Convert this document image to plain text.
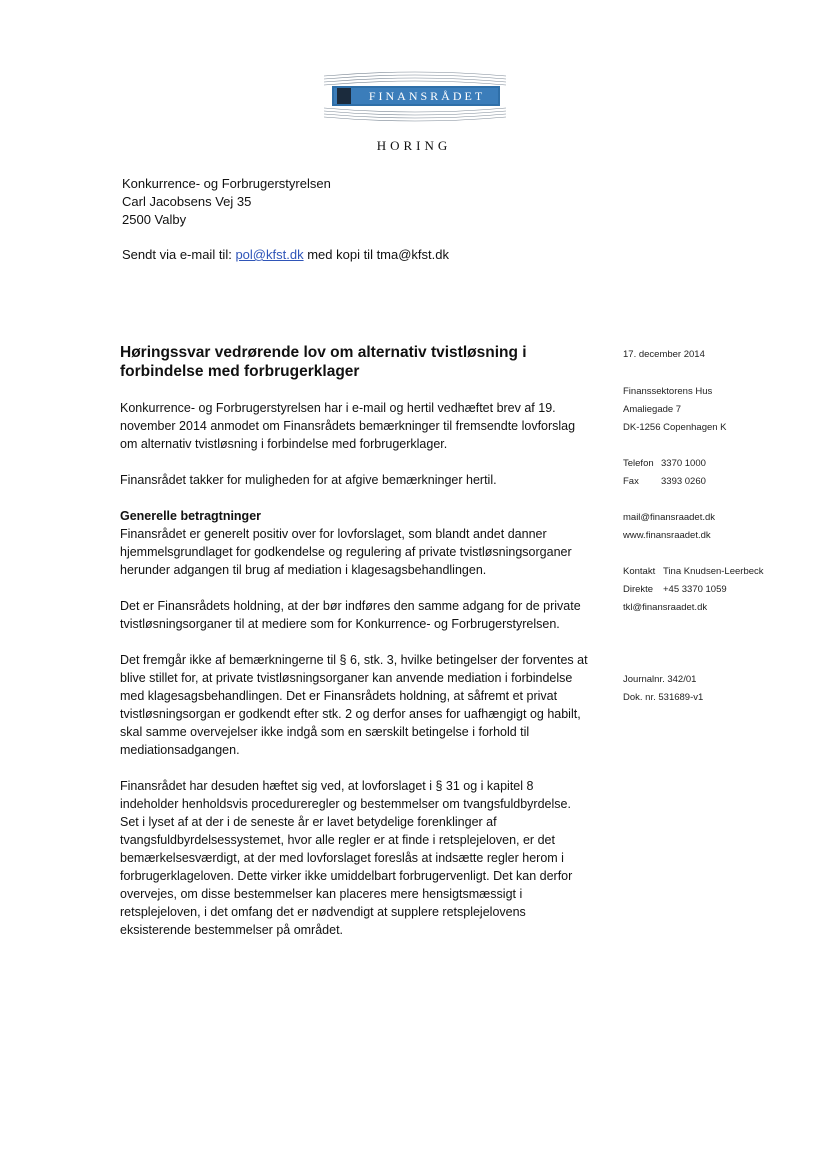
FINANSRÅDET
HORING
Konkurrence- og Forbrugerstyrelsen
Carl Jacobsens Vej 35
2500 Valby
Sendt via e-mail til: pol@kfst.dk med kopi til tma@kfst.dk
Høringssvar vedrørende lov om alternativ tvistløsning i forbindelse med forbrugerklager

Konkurrence- og Forbrugerstyrelsen har i e-mail og hertil vedhæftet brev af 19. november 2014 anmodet om Finansrådets bemærkninger til fremsendte lovforslag om alternativ tvistløsning i forbindelse med forbrugerklager.

Finansrådet takker for muligheden for at afgive bemærkninger hertil.

Generelle betragtninger

Finansrådet er generelt positiv over for lovforslaget, som blandt andet danner hjemmelsgrundlaget for godkendelse og regulering af private tvistløsningsorganer herunder adgangen til brug af mediation i klagesagsbehandlingen.

Det er Finansrådets holdning, at der bør indføres den samme adgang for de private tvistløsningsorganer til at mediere som for Konkurrence- og Forbrugerstyrelsen.

Det fremgår ikke af bemærkningerne til § 6, stk. 3, hvilke betingelser der forventes at blive stillet for, at private tvistløsningsorganer kan anvende mediation i forbindelse med klagesagsbehandlingen. Det er Finansrådets holdning, at såfremt et privat tvistløsningsorgan er godkendt efter stk. 2 og derfor anses for uafhængigt og habilt, skal samme overvejelser ikke indgå som en særskilt betingelse i forhold til mediationsadgangen.

Finansrådet har desuden hæftet sig ved, at lovforslaget i § 31 og i kapitel 8 indeholder henholdsvis procedureregler og bestemmelser om tvangsfuldbyrdelse. Set i lyset af at der i de seneste år er lavet betydelige forenklinger af tvangsfuldbyrdelsessystemet, hvor alle regler er at finde i retsplejeloven, er det bemærkelsesværdigt, at der med lovforslaget foreslås at indsætte regler herom i forbrugerklageloven. Dette virker ikke umiddelbart forbrugervenligt. Det kan derfor overvejes, om disse bestemmelser kan placeres mere hensigtsmæssigt i retsplejeloven, i det omfang det er nødvendigt at supplere retsplejelovens eksisterende bestemmelser på området.

17. december 2014
Finanssektorens Hus
Amaliegade 7
DK-1256 Copenhagen K
Telefon 3370 1000
Fax 3393 0260
mail@finansraadet.dk
www.finansraadet.dk
Kontakt Tina Knudsen-Leerbeck
Direkte +45 3370 1059
tkl@finansraadet.dk
Journalnr. 342/01
Dok. nr. 531689-v1
